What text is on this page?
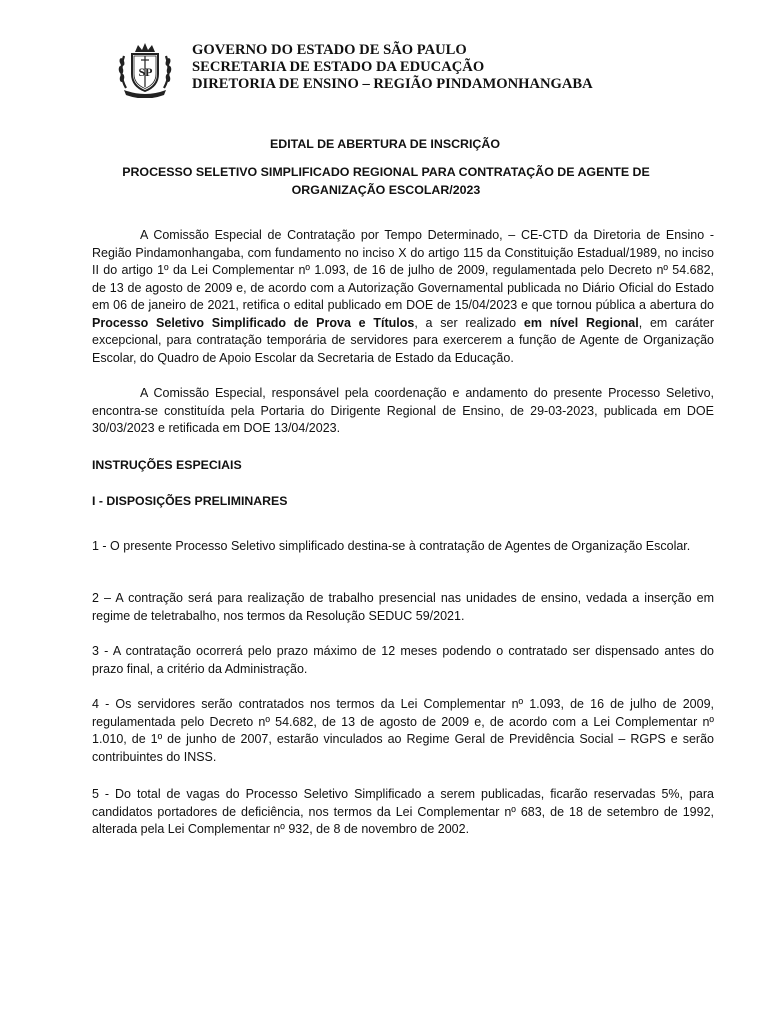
SP
GOVERNO DO ESTADO DE SÃO PAULO
SECRETARIA DE ESTADO DA EDUCAÇÃO
DIRETORIA DE ENSINO – REGIÃO PINDAMONHANGABA
EDITAL DE ABERTURA DE INSCRIÇÃO
PROCESSO SELETIVO SIMPLIFICADO REGIONAL PARA CONTRATAÇÃO DE AGENTE DE ORGANIZAÇÃO ESCOLAR/2023

A Comissão Especial de Contratação por Tempo Determinado, – CE-CTD da Diretoria de Ensino - Região Pindamonhangaba, com fundamento no inciso X do artigo 115 da Constituição Estadual/1989, no inciso II do artigo 1º da Lei Complementar nº 1.093, de 16 de julho de 2009, regulamentada pelo Decreto nº 54.682, de 13 de agosto de 2009 e, de acordo com a Autorização Governamental publicada no Diário Oficial do Estado em 06 de janeiro de 2021, retifica o edital publicado em DOE de 15/04/2023 e que tornou pública a abertura do Processo Seletivo Simplificado de Prova e Títulos, a ser realizado em nível Regional, em caráter excepcional, para contratação temporária de servidores para exercerem a função de Agente de Organização Escolar, do Quadro de Apoio Escolar da Secretaria de Estado da Educação.

A Comissão Especial, responsável pela coordenação e andamento do presente Processo Seletivo, encontra-se constituída pela Portaria do Dirigente Regional de Ensino, de 29-03-2023, publicada em DOE 30/03/2023 e retificada em DOE 13/04/2023.

INSTRUÇÕES ESPECIAIS
I - DISPOSIÇÕES PRELIMINARES

1 - O presente Processo Seletivo simplificado destina-se à contratação de Agentes de Organização Escolar.

2 – A contração será para realização de trabalho presencial nas unidades de ensino, vedada a inserção em regime de teletrabalho, nos termos da Resolução SEDUC 59/2021.

3 - A contratação ocorrerá pelo prazo máximo de 12 meses podendo o contratado ser dispensado antes do prazo final, a critério da Administração.

4 - Os servidores serão contratados nos termos da Lei Complementar nº 1.093, de 16 de julho de 2009, regulamentada pelo Decreto nº 54.682, de 13 de agosto de 2009 e, de acordo com a Lei Complementar nº 1.010, de 1º de junho de 2007, estarão vinculados ao Regime Geral de Previdência Social – RGPS e serão contribuintes do INSS.

5 - Do total de vagas do Processo Seletivo Simplificado a serem publicadas, ficarão reservadas 5%, para candidatos portadores de deficiência, nos termos da Lei Complementar nº 683, de 18 de setembro de 1992, alterada pela Lei Complementar nº 932, de 8 de novembro de 2002.
